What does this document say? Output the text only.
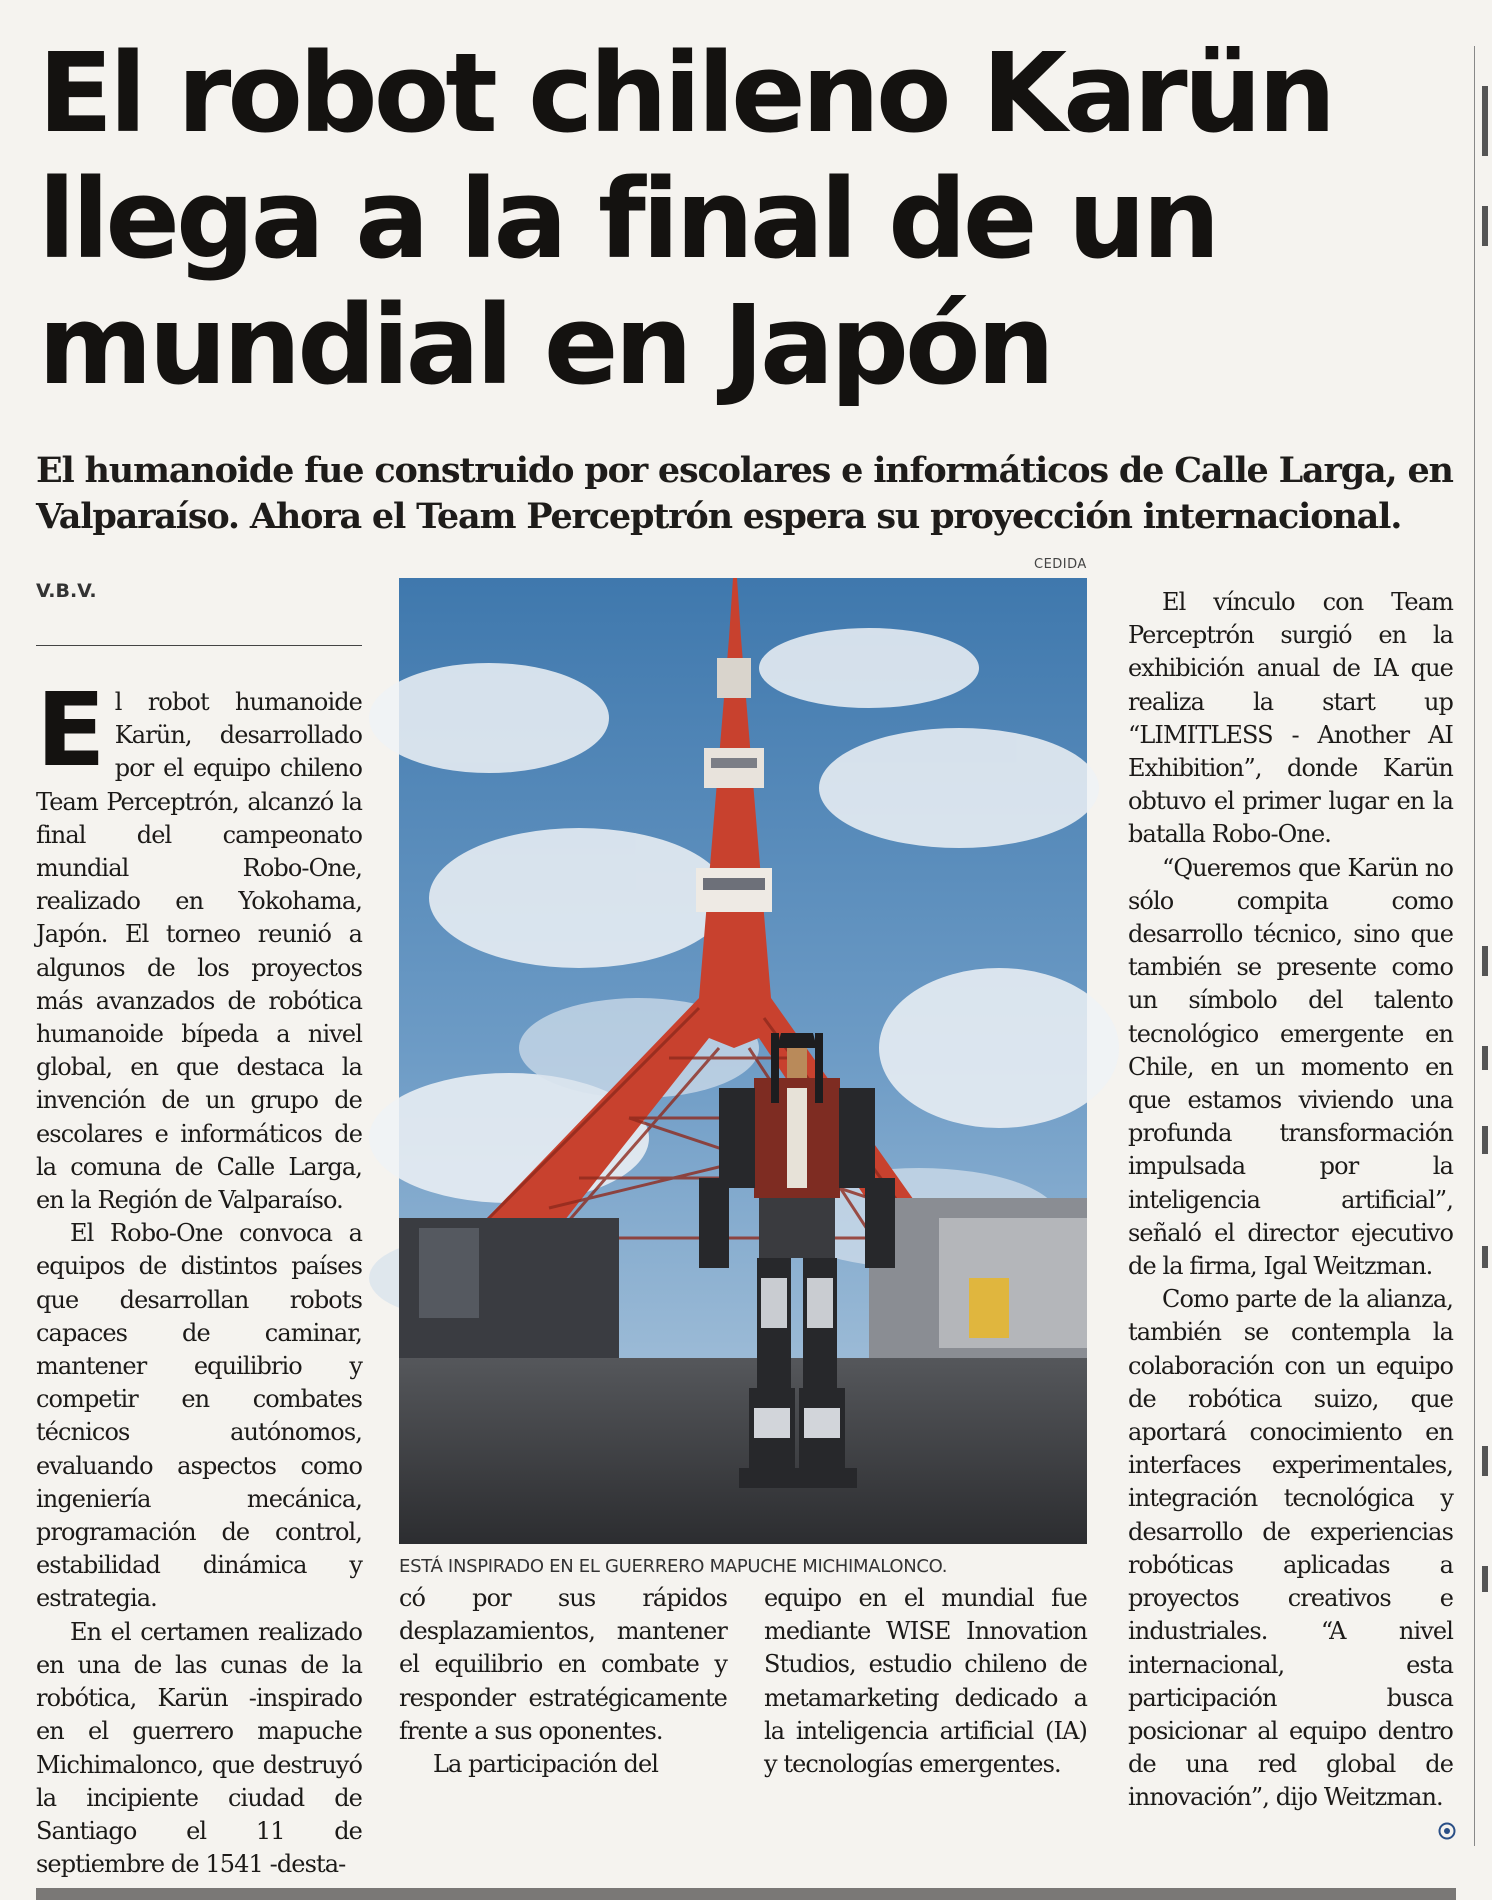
El robot chileno Karün
llega a la final de un
mundial en Japón
El humanoide fue construido por escolares e informáticos de Calle Larga, en
Valparaíso. Ahora el Team Perceptrón espera su proyección internacional.
V.B.V.
CEDIDA
ESTÁ INSPIRADO EN EL GUERRERO MAPUCHE MICHIMALONCO.

El robot humanoide Karün, desarrollado por el equipo chileno Team Perceptrón, alcanzó la final del campeonato mundial Robo-One, realizado en Yokohama, Japón. El torneo reunió a algunos de los proyectos más avanzados de robótica humanoide bípeda a nivel global, en que destaca la invención de un grupo de escolares e informáticos de la comuna de Calle Larga, en la Región de Valparaíso.

El Robo-One convoca a equipos de distintos países que desarrollan robots capaces de caminar, mantener equilibrio y competir en combates técnicos autónomos, evaluando aspectos como ingeniería mecánica, programación de control, estabilidad dinámica y estrategia.

En el certamen realizado en una de las cunas de la robótica, Karün -inspirado en el guerrero mapuche Michimalonco, que destruyó la incipiente ciudad de Santiago el 11 de septiembre de 1541 -desta-

có por sus rápidos desplazamientos, mantener el equilibrio en combate y responder estratégicamente frente a sus oponentes.

La participación del

equipo en el mundial fue mediante WISE Innovation Studios, estudio chileno de metamarketing dedicado a la inteligencia artificial (IA) y tecnologías emergentes.

El vínculo con Team Perceptrón surgió en la exhibición anual de IA que realiza la start up “LIMITLESS - Another AI Exhibition”, donde Karün obtuvo el primer lugar en la batalla Robo-One.

“Queremos que Karün no sólo compita como desarrollo técnico, sino que también se presente como un símbolo del talento tecnológico emergente en Chile, en un momento en que estamos viviendo una profunda transformación impulsada por la inteligencia artificial”, señaló el director ejecutivo de la firma, Igal Weitzman.

Como parte de la alianza, también se contempla la colaboración con un equipo de robótica suizo, que aportará conocimiento en interfaces experimentales, integración tecnológica y desarrollo de experiencias robóticas aplicadas a proyectos creativos e industriales. “A nivel internacional, esta participación busca posicionar al equipo dentro de una red global de innovación”, dijo Weitzman.
